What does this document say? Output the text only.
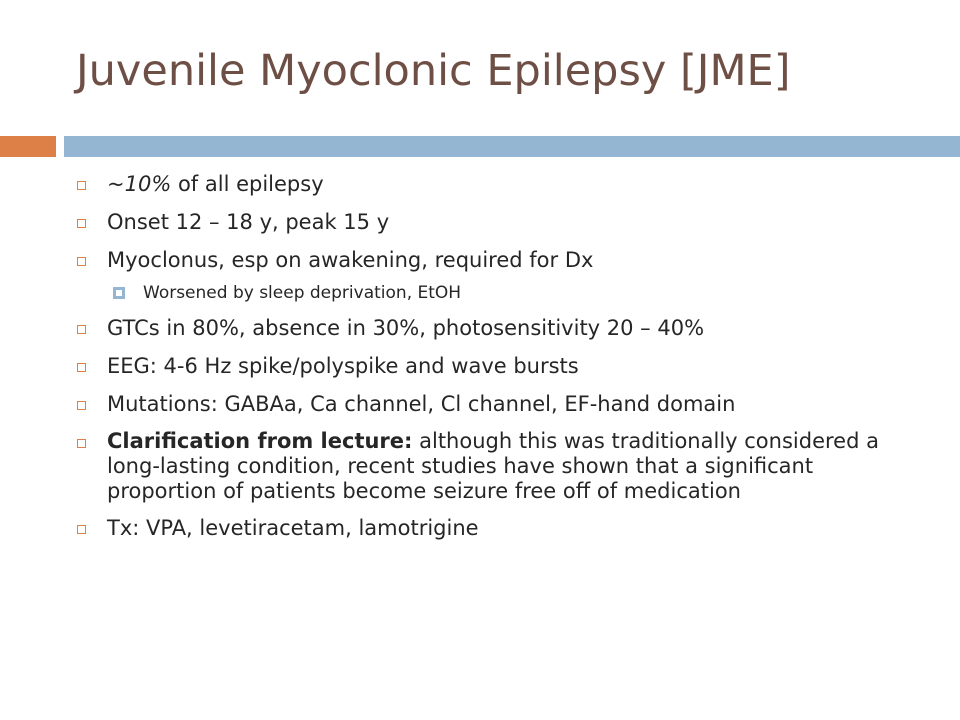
Juvenile Myoclonic Epilepsy [JME]
~10% of all epilepsy
Onset 12 – 18 y, peak 15 y
Myoclonus, esp on awakening, required for Dx
Worsened by sleep deprivation, EtOH
GTCs in 80%, absence in 30%, photosensitivity 20 – 40%
EEG: 4-6 Hz spike/polyspike and wave bursts
Mutations: GABAa, Ca channel, Cl channel, EF-hand domain
Clarification from lecture: although this was traditionally considered a long-lasting condition, recent studies have shown that a significant proportion of patients become seizure free off of medication
Tx: VPA, levetiracetam, lamotrigine
